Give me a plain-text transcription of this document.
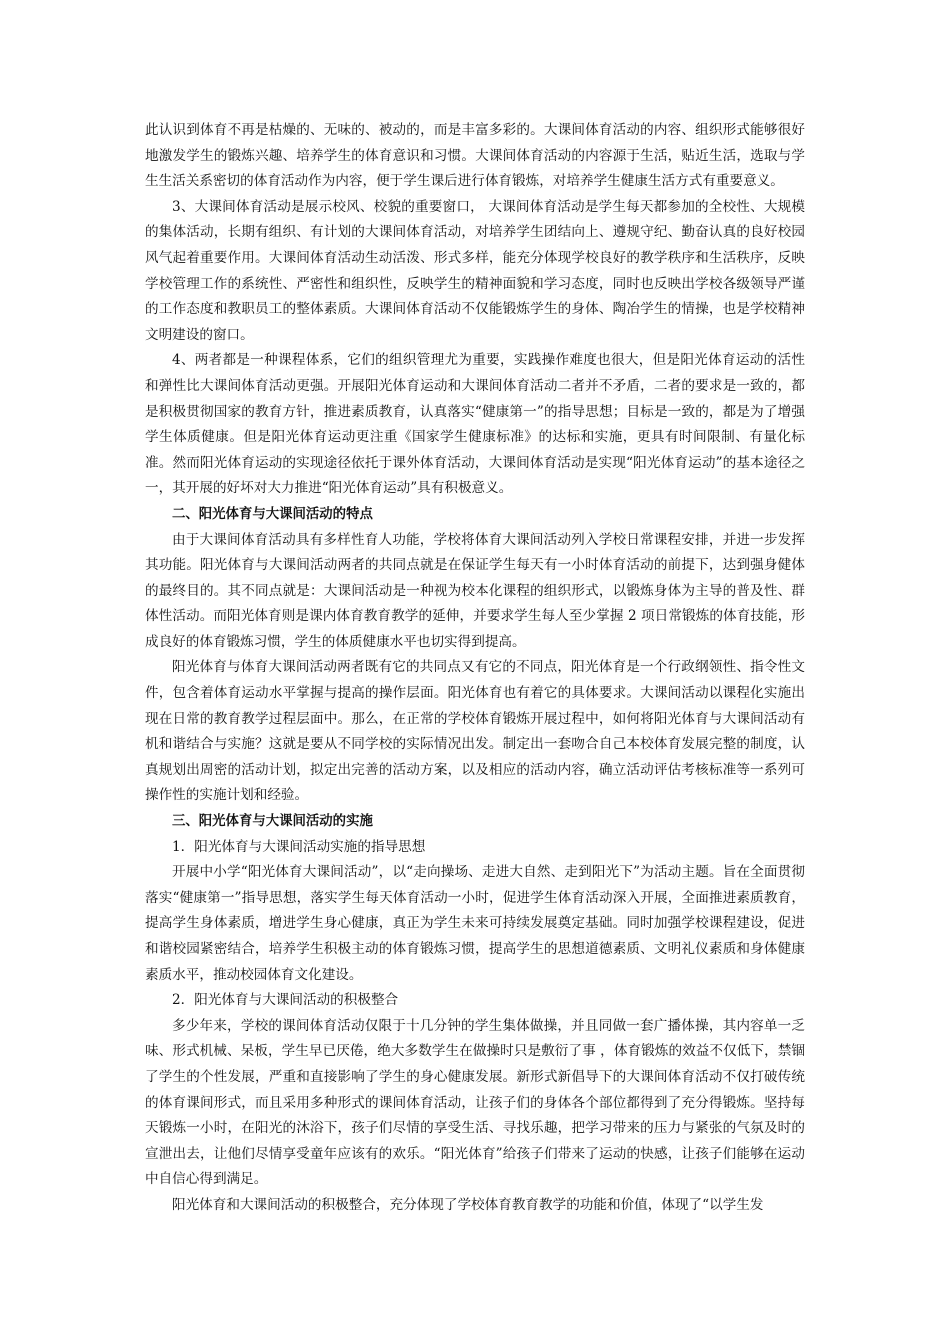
此认识到体育不再是枯燥的、无味的、被动的，而是丰富多彩的。大课间体育活动的内容、组织形式能够很好地激发学生的锻炼兴趣、培养学生的体育意识和习惯。大课间体育活动的内容源于生活，贴近生活，选取与学生生活关系密切的体育活动作为内容，便于学生课后进行体育锻炼，对培养学生健康生活方式有重要意义。

3、大课间体育活动是展示校风、校貌的重要窗口， 大课间体育活动是学生每天都参加的全校性、大规模的集体活动，长期有组织、有计划的大课间体育活动，对培养学生团结向上、遵规守纪、勤奋认真的良好校园风气起着重要作用。大课间体育活动生动活泼、形式多样，能充分体现学校良好的教学秩序和生活秩序，反映学校管理工作的系统性、严密性和组织性，反映学生的精神面貌和学习态度，同时也反映出学校各级领导严谨的工作态度和教职员工的整体素质。大课间体育活动不仅能锻炼学生的身体、陶冶学生的情操，也是学校精神文明建设的窗口。

4、两者都是一种课程体系，它们的组织管理尤为重要，实践操作难度也很大，但是阳光体育运动的活性和弹性比大课间体育活动更强。开展阳光体育运动和大课间体育活动二者并不矛盾，二者的要求是一致的，都是积极贯彻国家的教育方针，推进素质教育，认真落实“健康第一”的指导思想；目标是一致的，都是为了增强学生体质健康。但是阳光体育运动更注重《国家学生健康标准》的达标和实施，更具有时间限制、有量化标准。然而阳光体育运动的实现途径依托于课外体育活动，大课间体育活动是实现“阳光体育运动”的基本途径之一，其开展的好坏对大力推进“阳光体育运动”具有积极意义。

二、阳光体育与大课间活动的特点

由于大课间体育活动具有多样性育人功能，学校将体育大课间活动列入学校日常课程安排，并进一步发挥其功能。阳光体育与大课间活动两者的共同点就是在保证学生每天有一小时体育活动的前提下，达到强身健体的最终目的。其不同点就是：大课间活动是一种视为校本化课程的组织形式，以锻炼身体为主导的普及性、群体性活动。而阳光体育则是课内体育教育教学的延伸，并要求学生每人至少掌握 2 项日常锻炼的体育技能，形成良好的体育锻炼习惯，学生的体质健康水平也切实得到提高。

阳光体育与体育大课间活动两者既有它的共同点又有它的不同点，阳光体育是一个行政纲领性、指令性文件，包含着体育运动水平掌握与提高的操作层面。阳光体育也有着它的具体要求。大课间活动以课程化实施出现在日常的教育教学过程层面中。那么，在正常的学校体育锻炼开展过程中，如何将阳光体育与大课间活动有机和谐结合与实施？这就是要从不同学校的实际情况出发。制定出一套吻合自己本校体育发展完整的制度，认真规划出周密的活动计划，拟定出完善的活动方案，以及相应的活动内容，确立活动评估考核标准等一系列可操作性的实施计划和经验。

三、阳光体育与大课间活动的实施

1．阳光体育与大课间活动实施的指导思想

开展中小学“阳光体育大课间活动”，以“走向操场、走进大自然、走到阳光下”为活动主题。旨在全面贯彻落实“健康第一”指导思想，落实学生每天体育活动一小时，促进学生体育活动深入开展，全面推进素质教育，提高学生身体素质，增进学生身心健康，真正为学生未来可持续发展奠定基础。同时加强学校课程建设，促进和谐校园紧密结合，培养学生积极主动的体育锻炼习惯，提高学生的思想道德素质、文明礼仪素质和身体健康素质水平，推动校园体育文化建设。

2．阳光体育与大课间活动的积极整合

多少年来，学校的课间体育活动仅限于十几分钟的学生集体做操，并且同做一套广播体操，其内容单一乏味、形式机械、呆板，学生早已厌倦，绝大多数学生在做操时只是敷衍了事 ，体育锻炼的效益不仅低下，禁锢了学生的个性发展，严重和直接影响了学生的身心健康发展。新形式新倡导下的大课间体育活动不仅打破传统的体育课间形式，而且采用多种形式的课间体育活动，让孩子们的身体各个部位都得到了充分得锻炼。坚持每天锻炼一小时，在阳光的沐浴下，孩子们尽情的享受生活、寻找乐趣，把学习带来的压力与紧张的气氛及时的宣泄出去，让他们尽情享受童年应该有的欢乐。“阳光体育”给孩子们带来了运动的快感，让孩子们能够在运动中自信心得到满足。

阳光体育和大课间活动的积极整合，充分体现了学校体育教育教学的功能和价值，体现了“以学生发
